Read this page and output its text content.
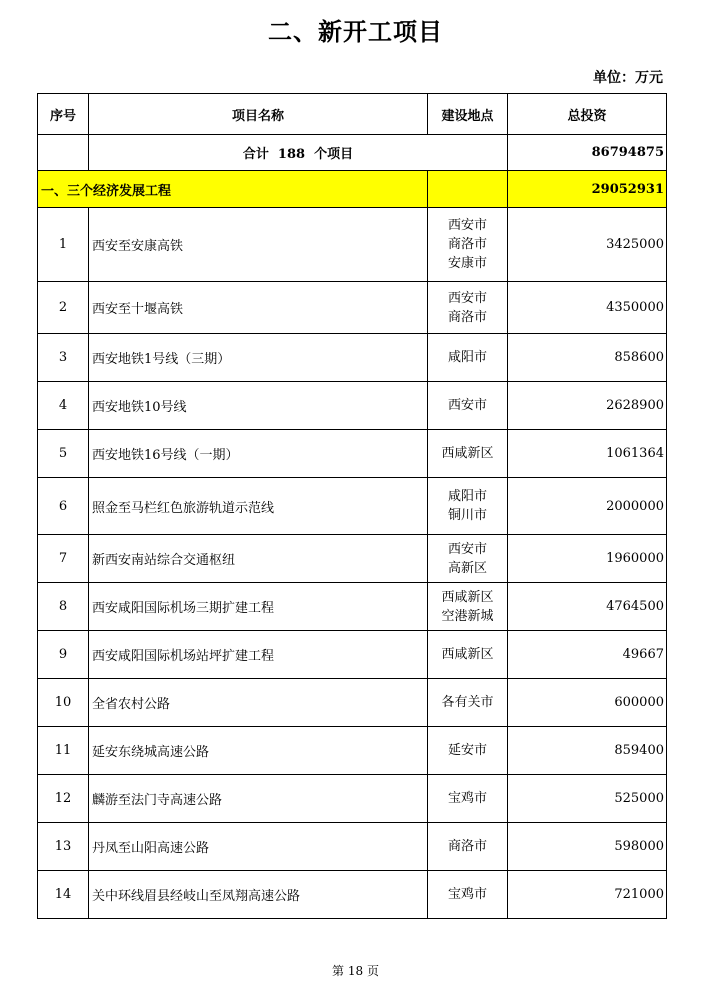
二、新开工项目
单位：万元
序号	项目名称	建设地点	总投资
	合计  188  个项目		86794875
一、三个经济发展工程			29052931
1	西安至安康高铁	西安市
商洛市
安康市	3425000
2	西安至十堰高铁	西安市
商洛市	4350000
3	西安地铁1号线（三期）	咸阳市	858600
4	西安地铁10号线	西安市	2628900
5	西安地铁16号线（一期）	西咸新区	1061364
6	照金至马栏红色旅游轨道示范线	咸阳市
铜川市	2000000
7	新西安南站综合交通枢纽	西安市
高新区	1960000
8	西安咸阳国际机场三期扩建工程	西咸新区
空港新城	4764500
9	西安咸阳国际机场站坪扩建工程	西咸新区	49667
10	全省农村公路	各有关市	600000
11	延安东绕城高速公路	延安市	859400
12	麟游至法门寺高速公路	宝鸡市	525000
13	丹凤至山阳高速公路	商洛市	598000
14	关中环线眉县经岐山至凤翔高速公路	宝鸡市	721000
第 18 页
